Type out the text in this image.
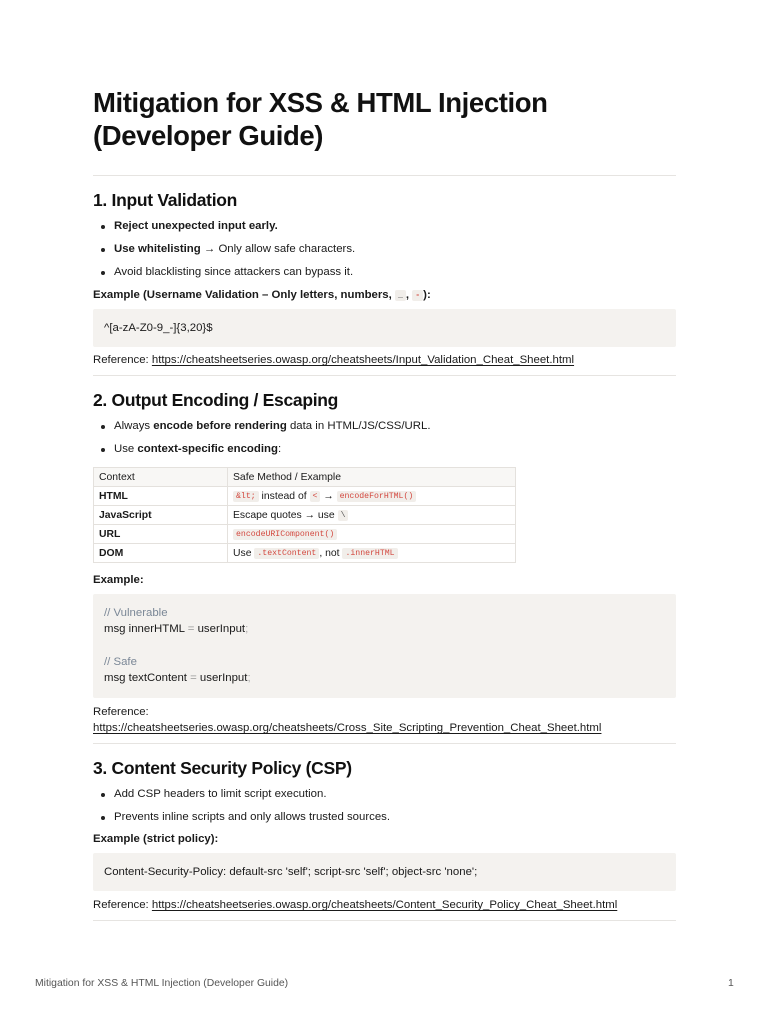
Mitigation for XSS & HTML Injection
(Developer Guide)
1. Input Validation
Reject unexpected input early.
Use whitelisting → Only allow safe characters.
Avoid blacklisting since attackers can bypass it.
Example (Username Validation – Only letters, numbers, _ , - ):
^[a-zA-Z0-9_-]{3,20}$
Reference: https://cheatsheetseries.owasp.org/cheatsheets/Input_Validation_Cheat_Sheet.html
2. Output Encoding / Escaping
Always encode before rendering data in HTML/JS/CSS/URL.
Use context-specific encoding:
Context	Safe Method / Example
HTML	&lt; instead of < → encodeForHTML()
JavaScript	Escape quotes → use \
URL	encodeURIComponent()
DOM	Use .textContent , not .innerHTML
Example:
// Vulnerable
msg innerHTML = userInput;
// Safe
msg textContent = userInput;
Reference:
https://cheatsheetseries.owasp.org/cheatsheets/Cross_Site_Scripting_Prevention_Cheat_Sheet.html
3. Content Security Policy (CSP)
Add CSP headers to limit script execution.
Prevents inline scripts and only allows trusted sources.
Example (strict policy):
Content-Security-Policy: default-src 'self'; script-src 'self'; object-src 'none';
Reference: https://cheatsheetseries.owasp.org/cheatsheets/Content_Security_Policy_Cheat_Sheet.html
Mitigation for XSS & HTML Injection (Developer Guide)	1
